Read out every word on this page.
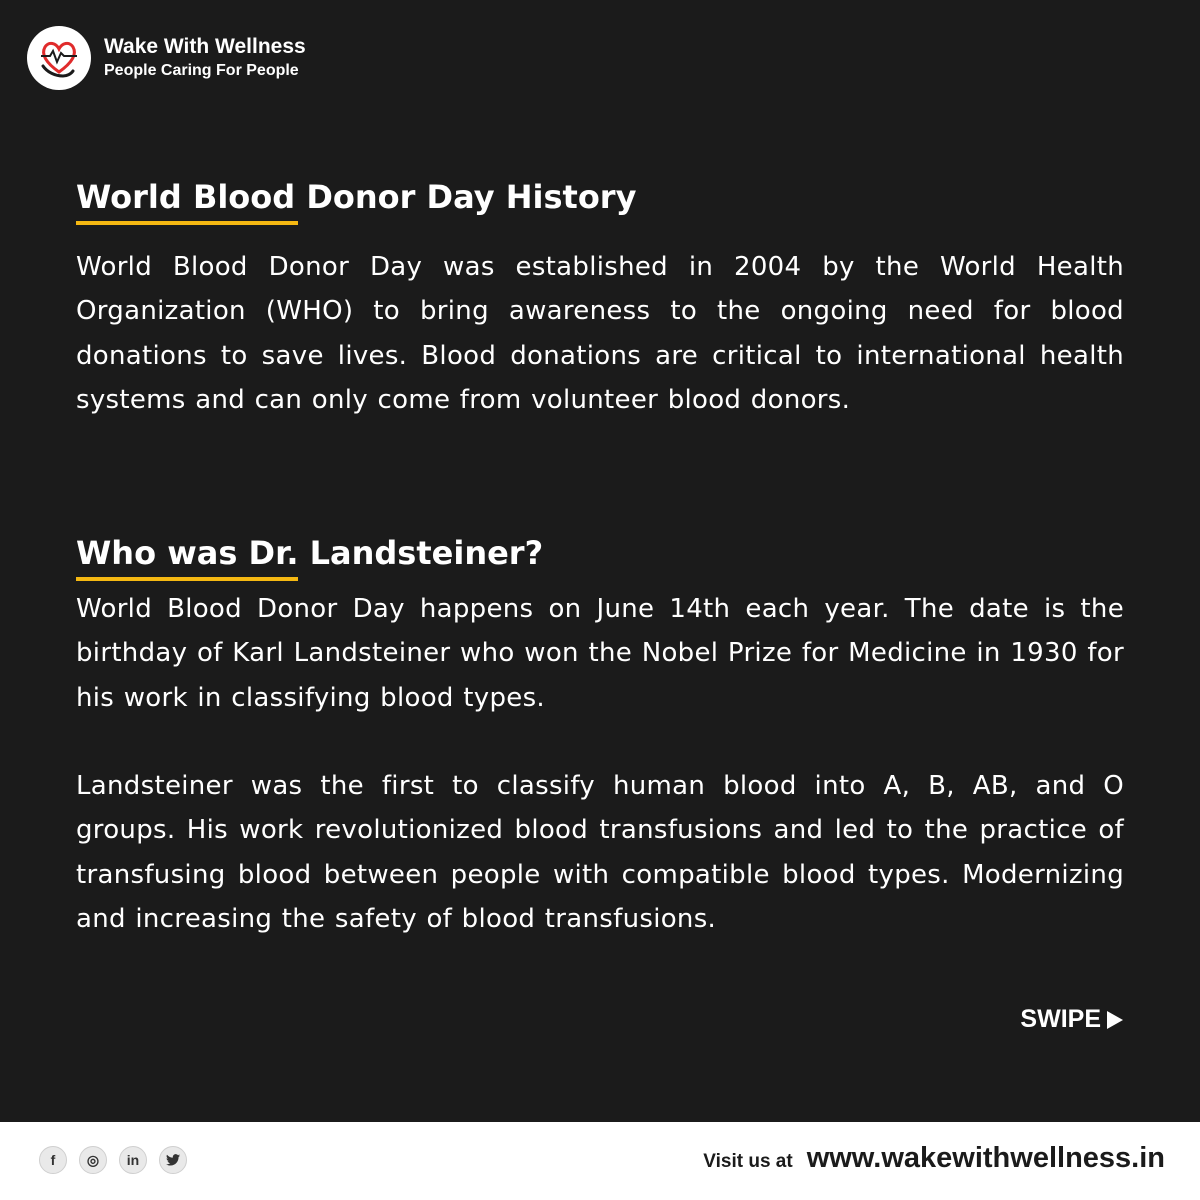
Wake With Wellness
People Caring For People
World Blood Donor Day History

World Blood Donor Day was established in 2004 by the World Health Organization (WHO) to bring awareness to the ongoing need for blood donations to save lives. Blood donations are critical to international health systems and can only come from volunteer blood donors.

Who was Dr. Landsteiner?

World Blood Donor Day happens on June 14th each year. The date is the birthday of Karl Landsteiner who won the Nobel Prize for Medicine in 1930 for his work in classifying blood types.

Landsteiner was the first to classify human blood into A, B, AB, and O groups. His work revolutionized blood transfusions and led to the practice of transfusing blood between people with compatible blood types. Modernizing and increasing the safety of blood transfusions.

SWIPE
f	◎	in	Visit us at www.wakewithwellness.in
